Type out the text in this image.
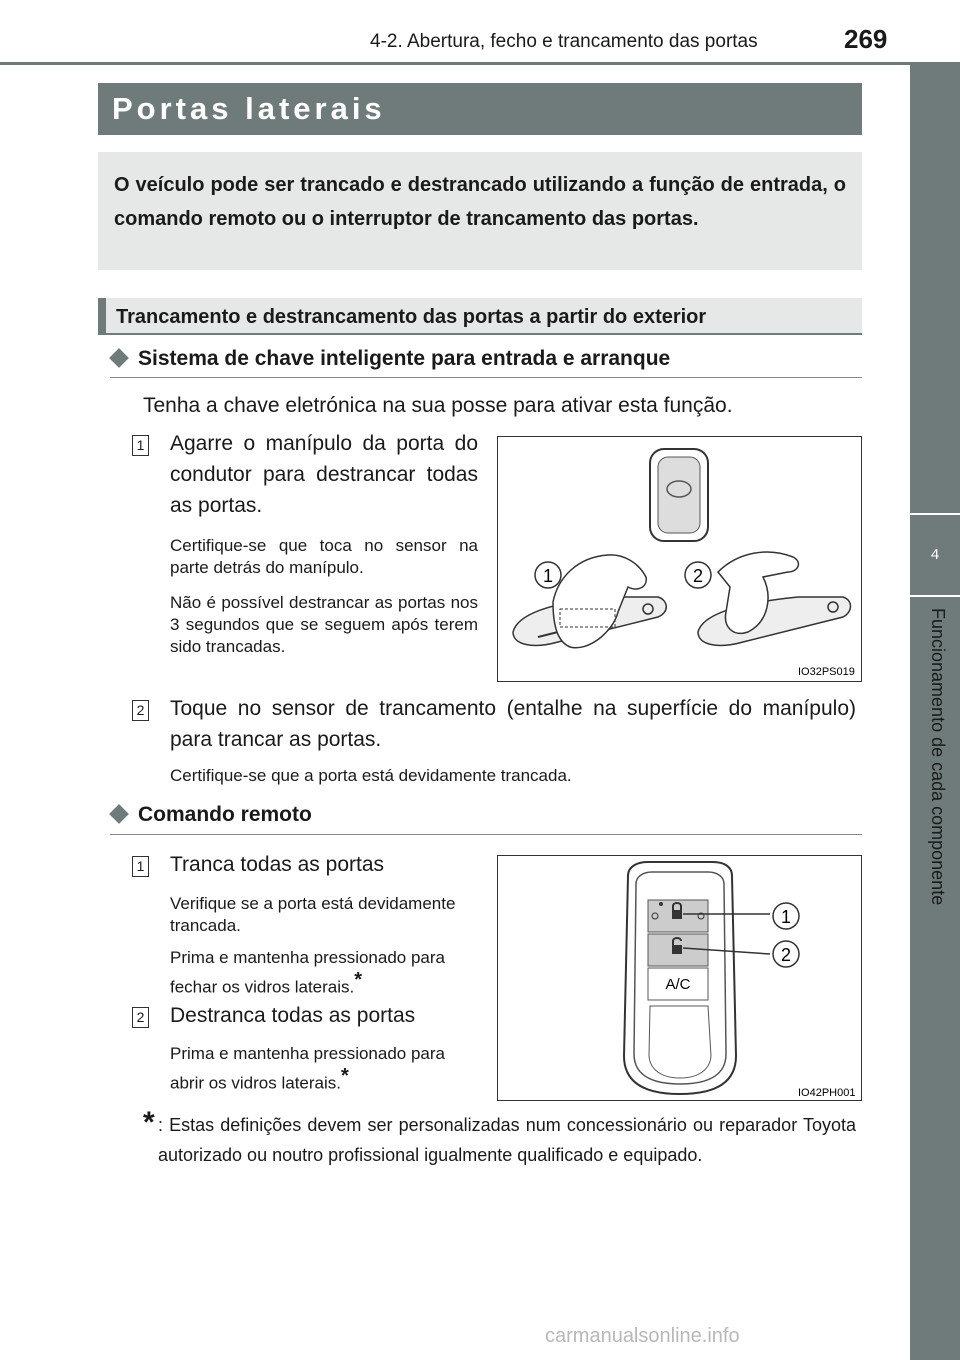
4-2. Abertura, fecho e trancamento das portas	269
4
Funcionamento de cada componente
Portas laterais

O veículo pode ser trancado e destrancado utilizando a função de entrada, o comando remoto ou o interruptor de trancamento das portas.

Trancamento e destrancamento das portas a partir do exterior
Sistema de chave inteligente para entrada e arranque
Tenha a chave eletrónica na sua posse para ativar esta função.
1 Agarre o manípulo da porta do condutor para destrancar todas as portas.
Certifique-se que toca no sensor na parte detrás do manípulo.
Não é possível destrancar as portas nos 3 segundos que se seguem após terem sido trancadas.
1	2
IO32PS019
2 Toque no sensor de trancamento (entalhe na superfície do manípulo) para trancar as portas.
Certifique-se que a porta está devidamente trancada.
Comando remoto
1 Tranca todas as portas
Verifique se a porta está devidamente trancada.
Prima e mantenha pressionado para fechar os vidros laterais.*
2 Destranca todas as portas
Prima e mantenha pressionado para abrir os vidros laterais.*
A/C
1
2
IO42PH001
* : Estas definições devem ser personalizadas num concessionário ou reparador Toyota autorizado ou noutro profissional igualmente qualificado e equipado.
carmanualsonline.info
